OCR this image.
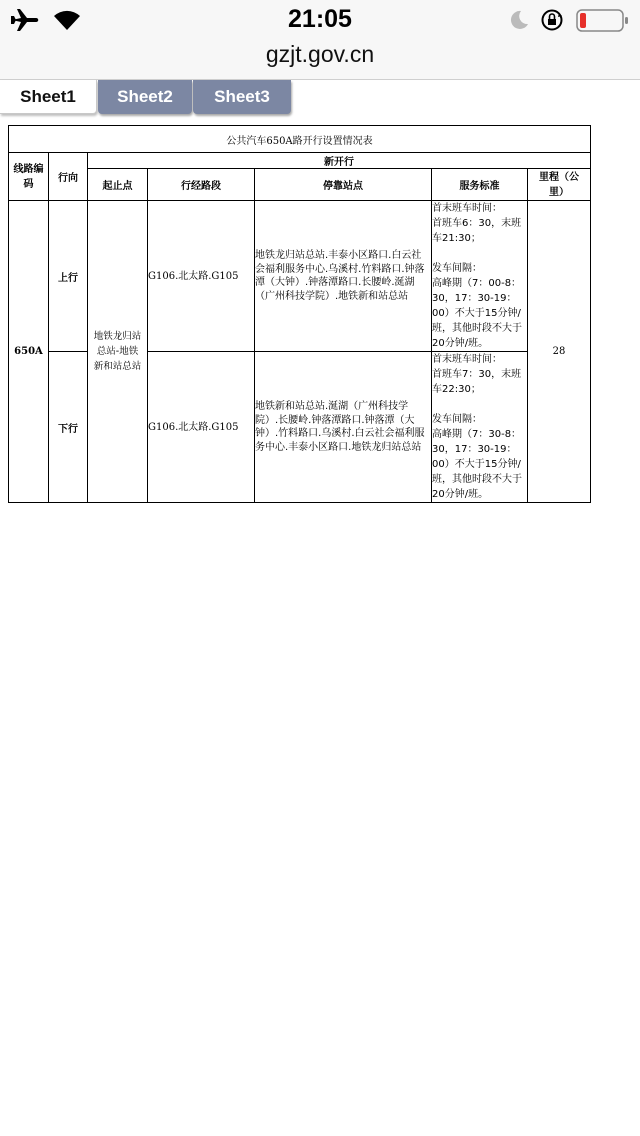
21:05
gzjt.gov.cn
Sheet1	Sheet2	Sheet3
公共汽车650A路开行设置情况表						
线路编码	行向	新开行				
		起止点	行经路段	停靠站点	服务标准	里程（公里）
650A	上行	地铁龙归站总站-地铁新和站总站	G106.北太路.G105	地铁龙归站总站.丰泰小区路口.白云社会福利服务中心.乌溪村.竹料路口.钟落潭（大钟）.钟落潭路口.长腰岭.涎湖（广州科技学院）.地铁新和站总站	首末班车时间：
首班车6：30，末班车21:30；
发车间隔：
高峰期（7：00-8：30，17：30-19：00）不大于15分钟/班，其他时段不大于20分钟/班。	28
	下行		G106.北太路.G105	地铁新和站总站.涎湖（广州科技学院）.长腰岭.钟落潭路口.钟落潭（大钟）.竹料路口.乌溪村.白云社会福利服务中心.丰泰小区路口.地铁龙归站总站	首末班车时间：
首班车7：30，末班车22:30；
发车间隔：
高峰期（7：30-8：30，17：30-19：00）不大于15分钟/班，其他时段不大于20分钟/班。	
